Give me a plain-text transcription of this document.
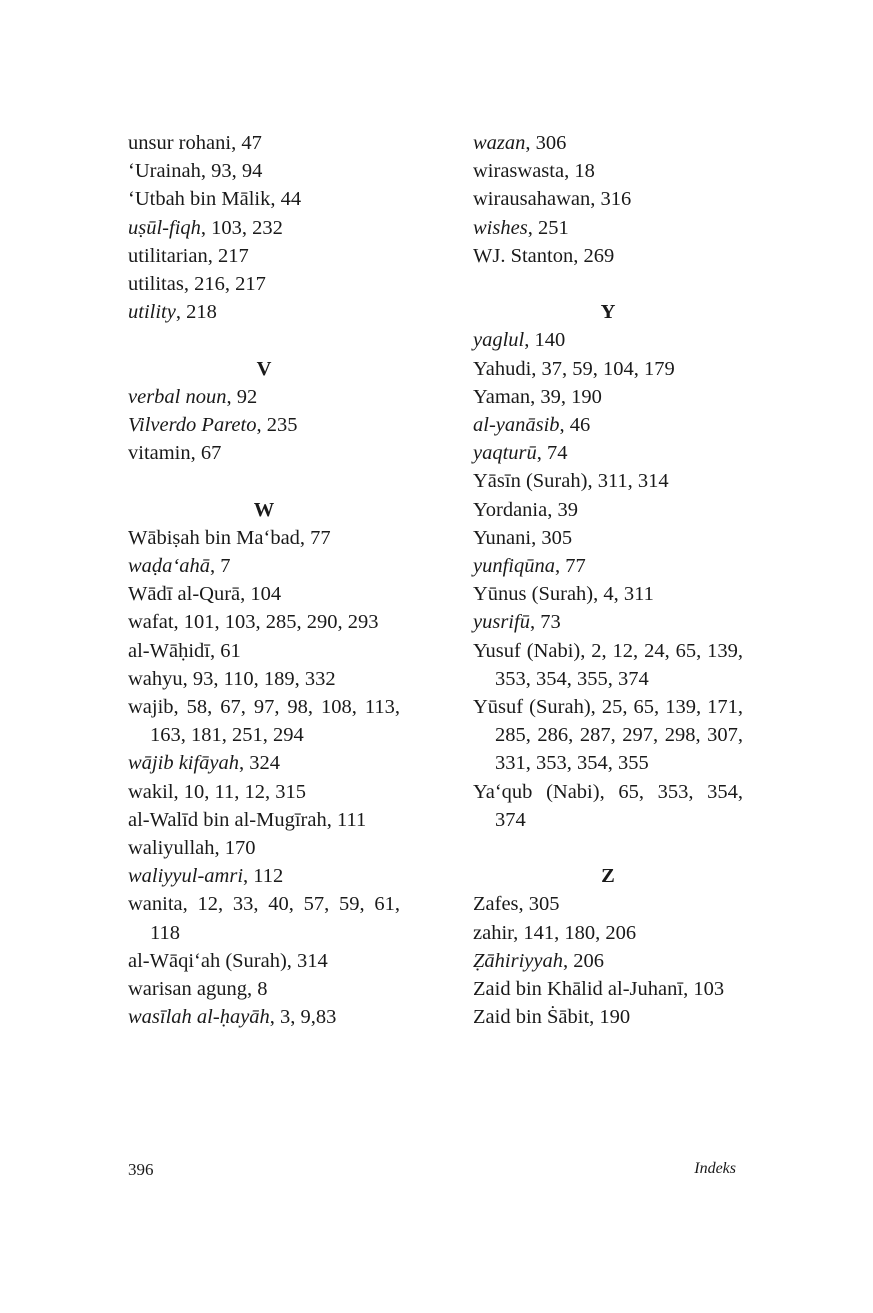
unsur rohani, 47
‘Urainah, 93, 94
‘Utbah bin Mālik, 44
uṣūl-fiqh, 103, 232
utilitarian, 217
utilitas, 216, 217
utility, 218
V
verbal noun, 92
Vilverdo Pareto, 235
vitamin, 67
W
Wābiṣah bin Ma‘bad, 77
waḍa‘ahā, 7
Wādī al-Qurā, 104
wafat, 101, 103, 285, 290, 293
al-Wāḥidī, 61
wahyu, 93, 110, 189, 332
wajib, 58, 67, 97, 98, 108, 113, 163, 181, 251, 294
wājib kifāyah, 324
wakil, 10, 11, 12, 315
al-Walīd bin al-Mugīrah, 111
waliyullah, 170
waliyyul-amri, 112
wanita, 12, 33, 40, 57, 59, 61, 118
al-Wāqi‘ah (Surah), 314
warisan agung, 8
wasīlah al-ḥayāh, 3, 9,83
wazan, 306
wiraswasta, 18
wirausahawan, 316
wishes, 251
WJ. Stanton, 269
Y
yaglul, 140
Yahudi, 37, 59, 104, 179
Yaman, 39, 190
al-yanāsib, 46
yaqturū, 74
Yāsīn (Surah), 311, 314
Yordania, 39
Yunani, 305
yunfiqūna, 77
Yūnus (Surah), 4, 311
yusrifū, 73
Yusuf (Nabi), 2, 12, 24, 65, 139, 353, 354, 355, 374
Yūsuf (Surah), 25, 65, 139, 171, 285, 286, 287, 297, 298, 307, 331, 353, 354, 355
Ya‘qub (Nabi), 65, 353, 354, 374
Z
Zafes, 305
zahir, 141, 180, 206
Ẓāhiriyyah, 206
Zaid bin Khālid al-Juhanī, 103
Zaid bin Ṡābit, 190
396	Indeks
